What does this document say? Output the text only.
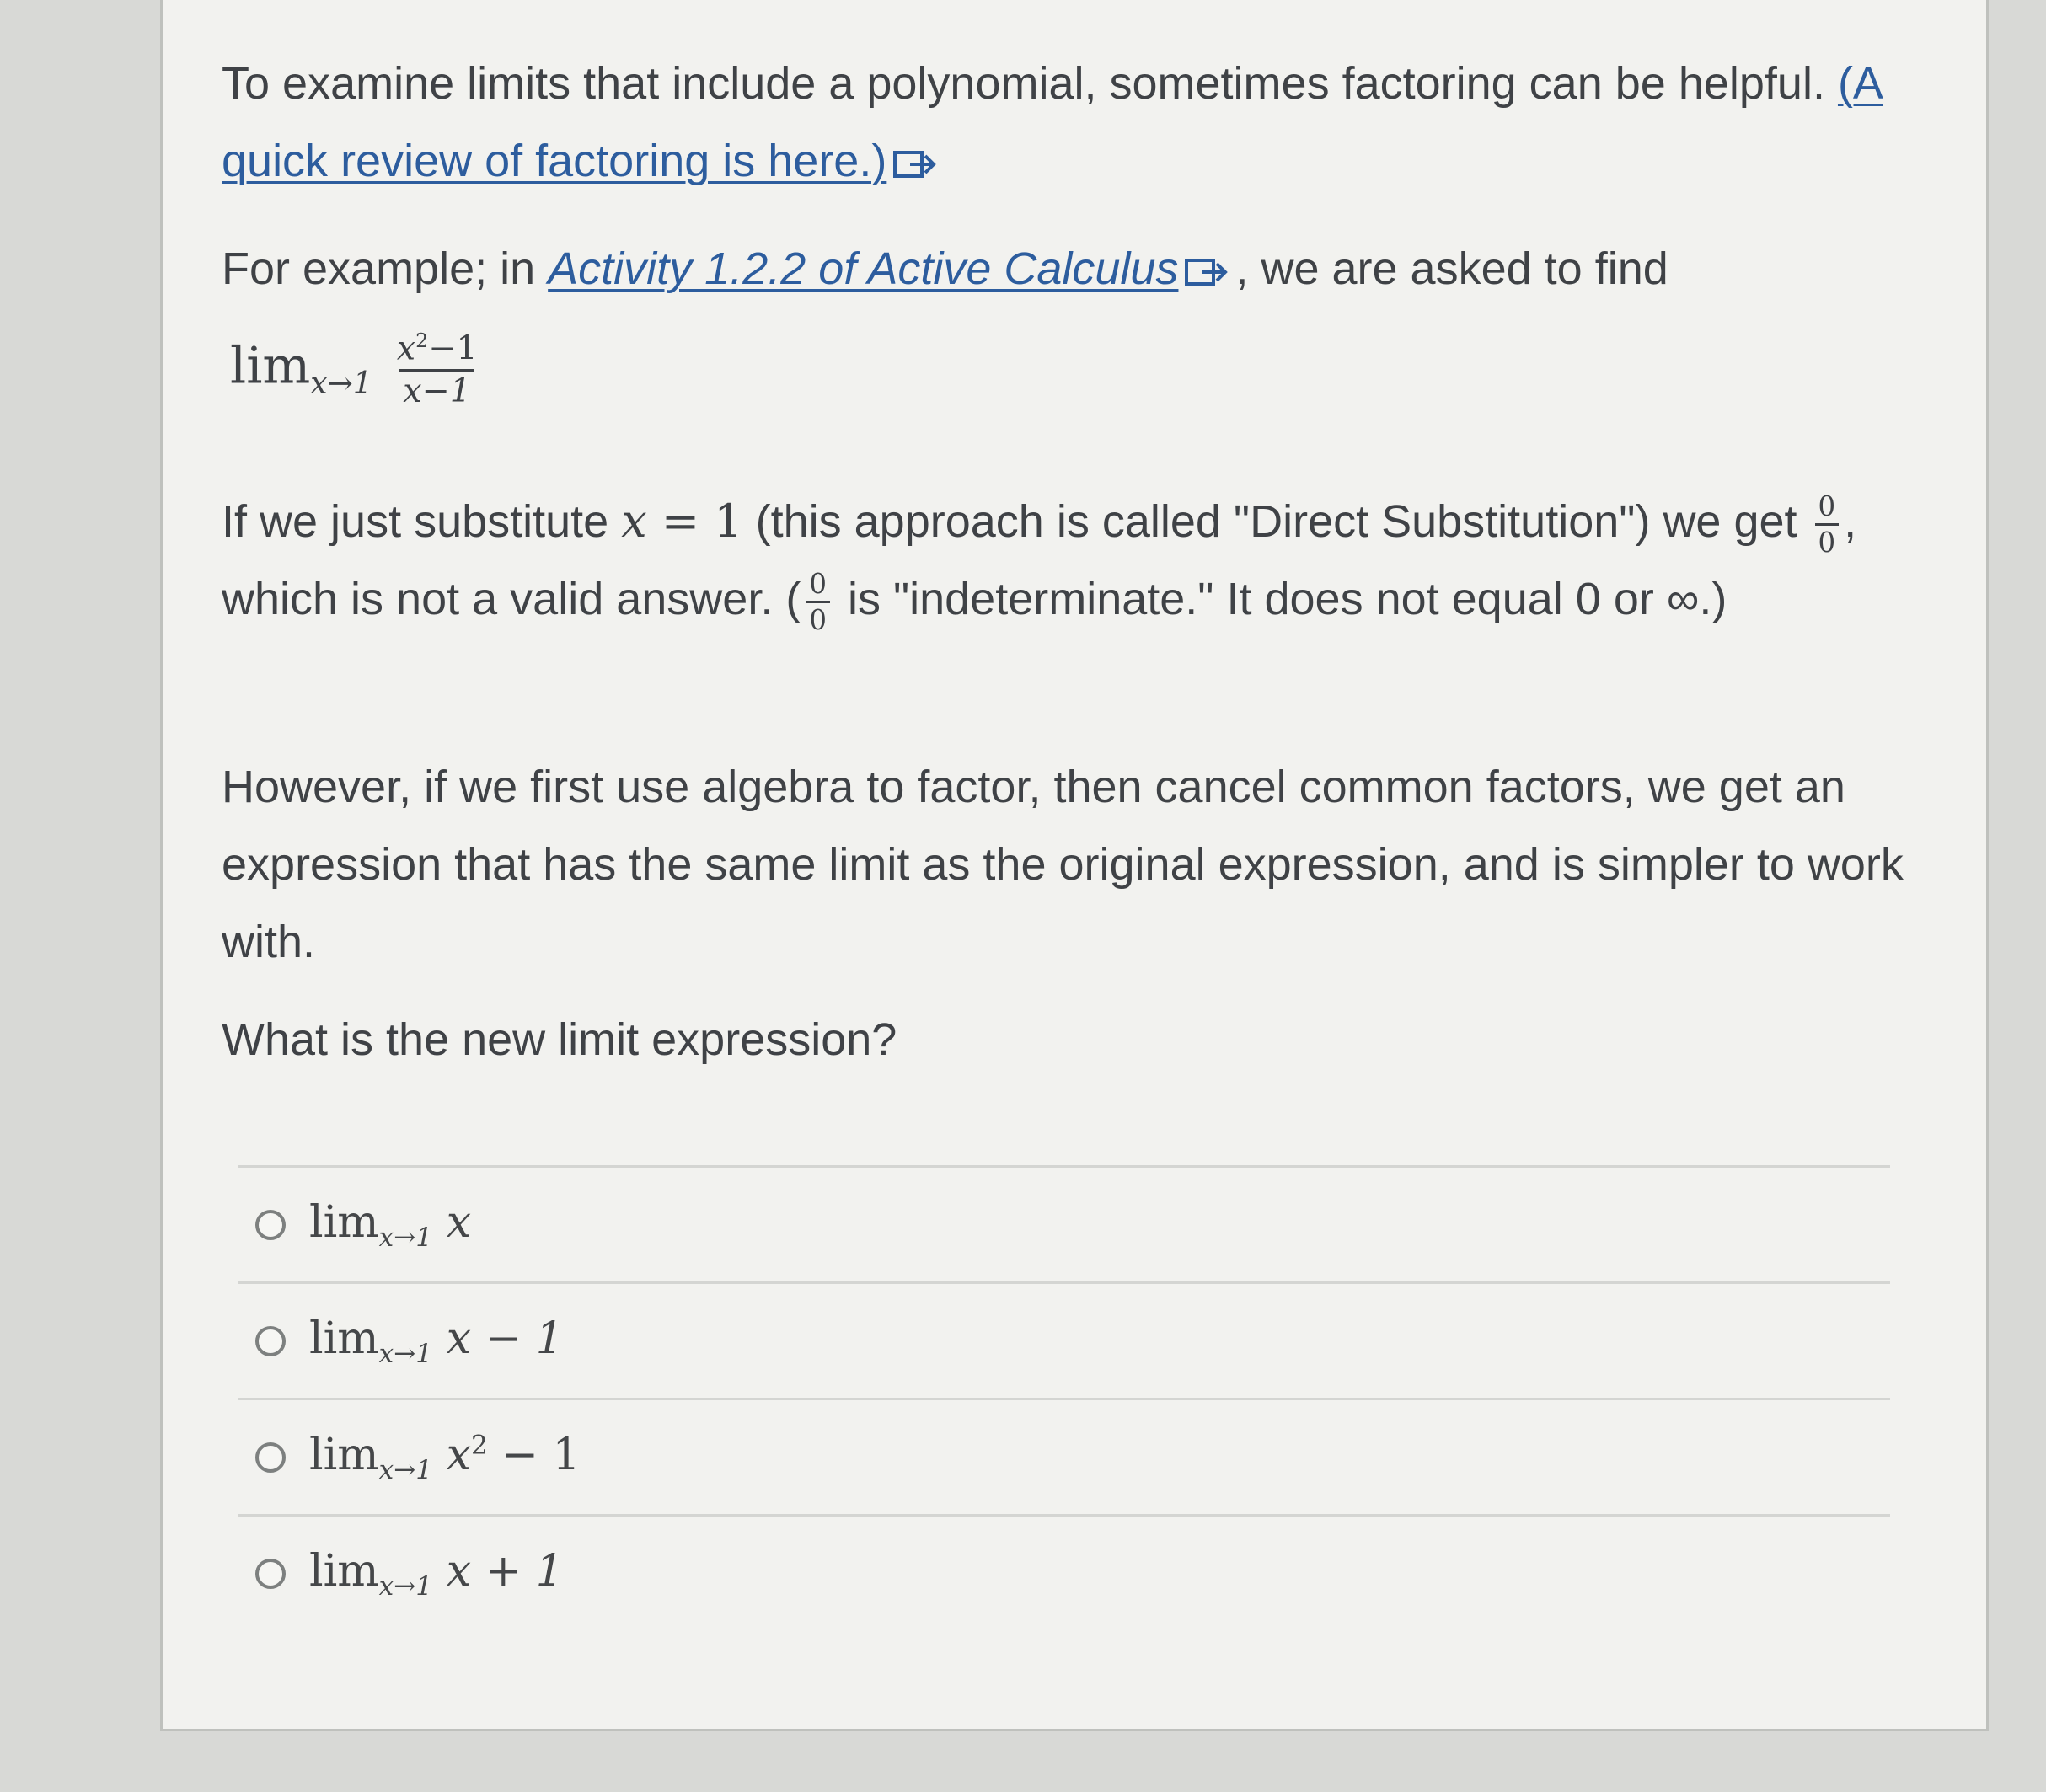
To examine limits that include a polynomial, sometimes factoring can be helpful. (A quick review of factoring is here.)

For example; in Activity 1.2.2 of Active Calculus , we are asked to find

$\lim_{x\to 1} \frac{x^2-1}{x-1}$

If we just substitute x = 1 (this approach is called "Direct Substitution") we get $\frac{0}{0}$ , which is not a valid answer. ( $\frac{0}{0}$ is "indeterminate." It does not equal 0 or ∞.)

However, if we first use algebra to factor, then cancel common factors, we get an expression that has the same limit as the original expression, and is simpler to work with.

What is the new limit expression?

$\lim_{x\to 1} x$
$\lim_{x\to 1} x - 1$
$\lim_{x\to 1} x^2 - 1$
$\lim_{x\to 1} x + 1$
